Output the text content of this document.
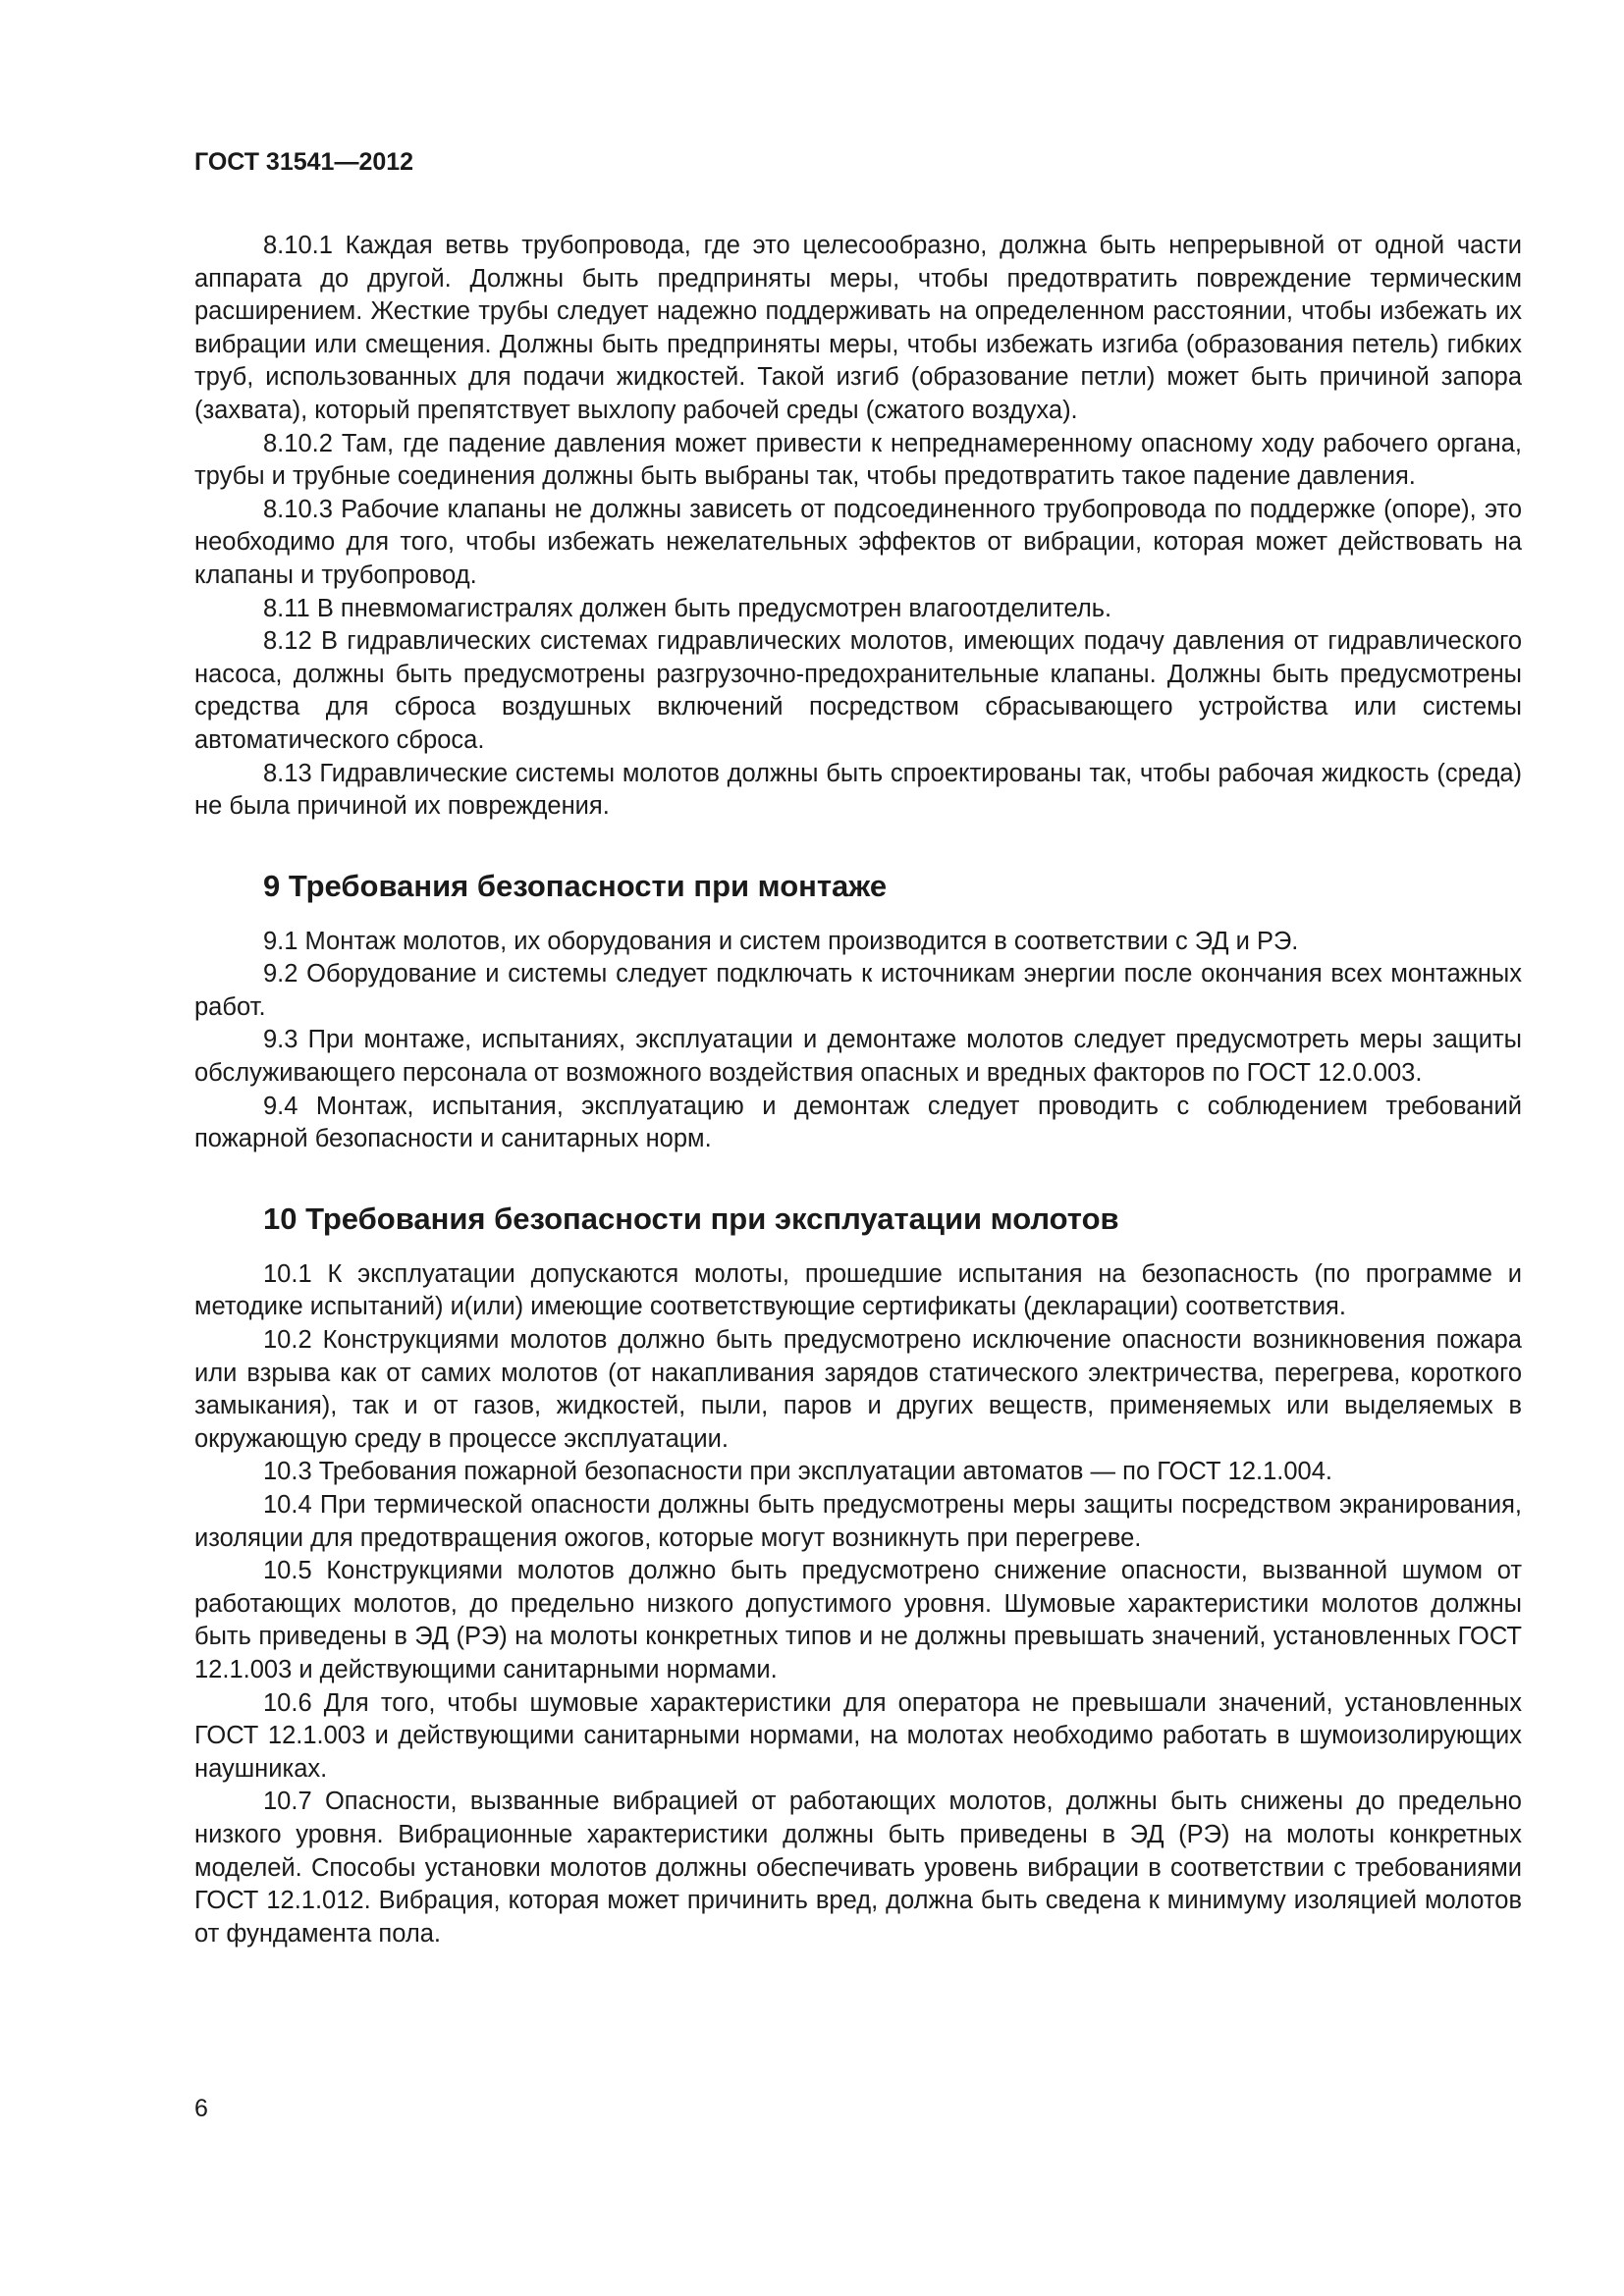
ГОСТ 31541—2012

8.10.1 Каждая ветвь трубопровода, где это целесообразно, должна быть непрерывной от одной части аппарата до другой. Должны быть предприняты меры, чтобы предотвратить повреждение термическим расширением. Жесткие трубы следует надежно поддерживать на определенном расстоянии, чтобы избежать их вибрации или смещения. Должны быть предприняты меры, чтобы избежать изгиба (образования петель) гибких труб, использованных для подачи жидкостей. Такой изгиб (образование петли) может быть причиной запора (захвата), который препятствует выхлопу рабочей среды (сжатого воздуха).

8.10.2 Там, где падение давления может привести к непреднамеренному опасному ходу рабочего органа, трубы и трубные соединения должны быть выбраны так, чтобы предотвратить такое падение давления.

8.10.3 Рабочие клапаны не должны зависеть от подсоединенного трубопровода по поддержке (опоре), это необходимо для того, чтобы избежать нежелательных эффектов от вибрации, которая может действовать на клапаны и трубопровод.

8.11 В пневмомагистралях должен быть предусмотрен влагоотделитель.

8.12 В гидравлических системах гидравлических молотов, имеющих подачу давления от гидравлического насоса, должны быть предусмотрены разгрузочно-предохранительные клапаны. Должны быть предусмотрены средства для сброса воздушных включений посредством сбрасывающего устройства или системы автоматического сброса.

8.13 Гидравлические системы молотов должны быть спроектированы так, чтобы рабочая жидкость (среда) не была причиной их повреждения.

9 Требования безопасности при монтаже

9.1 Монтаж молотов, их оборудования и систем производится в соответствии с ЭД и РЭ.

9.2 Оборудование и системы следует подключать к источникам энергии после окончания всех монтажных работ.

9.3 При монтаже, испытаниях, эксплуатации и демонтаже молотов следует предусмотреть меры защиты обслуживающего персонала от возможного воздействия опасных и вредных факторов по ГОСТ 12.0.003.

9.4 Монтаж, испытания, эксплуатацию и демонтаж следует проводить с соблюдением требований пожарной безопасности и санитарных норм.

10 Требования безопасности при эксплуатации молотов

10.1 К эксплуатации допускаются молоты, прошедшие испытания на безопасность (по программе и методике испытаний) и(или) имеющие соответствующие сертификаты (декларации) соответствия.

10.2 Конструкциями молотов должно быть предусмотрено исключение опасности возникновения пожара или взрыва как от самих молотов (от накапливания зарядов статического электричества, перегрева, короткого замыкания), так и от газов, жидкостей, пыли, паров и других веществ, применяемых или выделяемых в окружающую среду в процессе эксплуатации.

10.3 Требования пожарной безопасности при эксплуатации автоматов — по ГОСТ 12.1.004.

10.4 При термической опасности должны быть предусмотрены меры защиты посредством экранирования, изоляции для предотвращения ожогов, которые могут возникнуть при перегреве.

10.5 Конструкциями молотов должно быть предусмотрено снижение опасности, вызванной шумом от работающих молотов, до предельно низкого допустимого уровня. Шумовые характеристики молотов должны быть приведены в ЭД (РЭ) на молоты конкретных типов и не должны превышать значений, установленных ГОСТ 12.1.003 и действующими санитарными нормами.

10.6 Для того, чтобы шумовые характеристики для оператора не превышали значений, установленных ГОСТ 12.1.003 и действующими санитарными нормами, на молотах необходимо работать в шумоизолирующих наушниках.

10.7 Опасности, вызванные вибрацией от работающих молотов, должны быть снижены до предельно низкого уровня. Вибрационные характеристики должны быть приведены в ЭД (РЭ) на молоты конкретных моделей. Способы установки молотов должны обеспечивать уровень вибрации в соответствии с требованиями ГОСТ 12.1.012. Вибрация, которая может причинить вред, должна быть сведена к минимуму изоляцией молотов от фундамента пола.

6
